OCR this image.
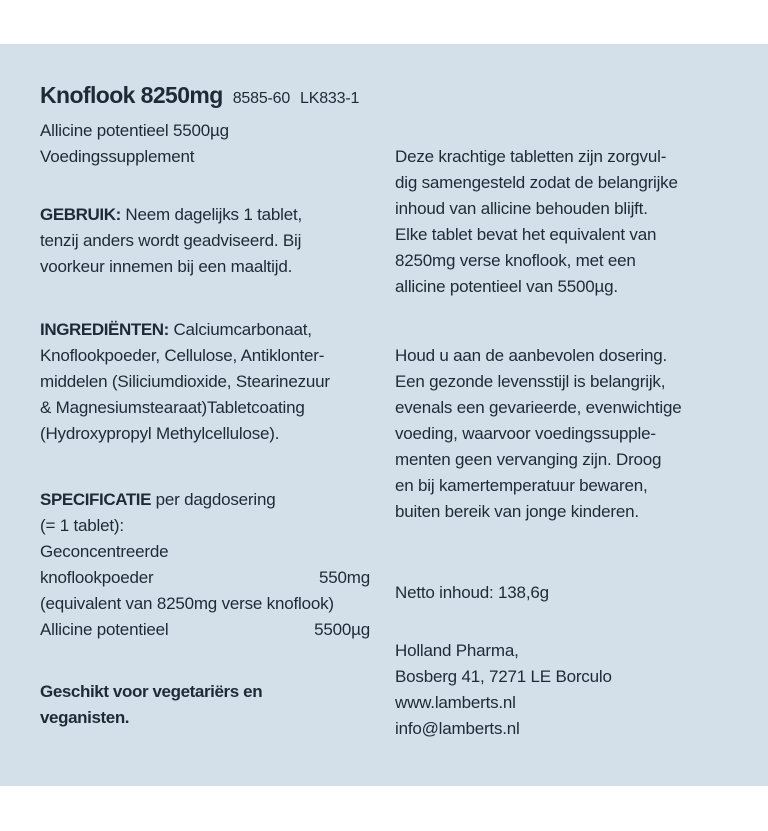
Knoflook 8250mg 8585-60 LK833-1
Allicine potentieel 5500µg
Voedingssupplement
GEBRUIK: Neem dagelijks 1 tablet,
tenzij anders wordt geadviseerd. Bij
voorkeur innemen bij een maaltijd.
INGREDIËNTEN: Calciumcarbonaat,
Knoflookpoeder, Cellulose, Antiklonter-
middelen (Siliciumdioxide, Stearinezuur
& Magnesiumstearaat)Tabletcoating
(Hydroxypropyl Methylcellulose).
SPECIFICATIE per dagdosering
(= 1 tablet):
Geconcentreerde
knoflookpoeder	550mg
(equivalent van 8250mg verse knoflook)
Allicine potentieel	5500µg
Geschikt voor vegetariërs en
veganisten.
Deze krachtige tabletten zijn zorgvul-
dig samengesteld zodat de belangrijke
inhoud van allicine behouden blijft.
Elke tablet bevat het equivalent van
8250mg verse knoflook, met een
allicine potentieel van 5500µg.
Houd u aan de aanbevolen dosering.
Een gezonde levensstijl is belangrijk,
evenals een gevarieerde, evenwichtige
voeding, waarvoor voedingssupple-
menten geen vervanging zijn. Droog
en bij kamertemperatuur bewaren,
buiten bereik van jonge kinderen.
Netto inhoud: 138,6g
Holland Pharma,
Bosberg 41, 7271 LE Borculo
www.lamberts.nl
info@lamberts.nl
